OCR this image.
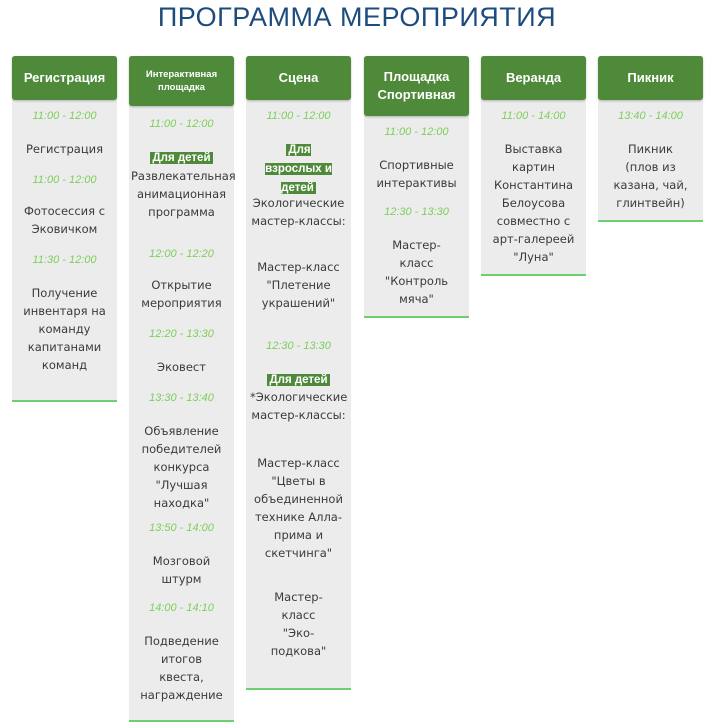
ПРОГРАММА МЕРОПРИЯТИЯ
Регистрация
11:00 - 12:00
Регистрация
11:00 - 12:00
Фотосессия с Эковичком
11:30 - 12:00
Получение инвентаря на команду капитанами команд
Интерактивная площадка
11:00 - 12:00
Для детей
Развлекательная анимационная программа
12:00 - 12:20
Открытие мероприятия
12:20 - 13:30
Эковест
13:30 - 13:40
Объявление победителей конкурса "Лучшая находка"
13:50 - 14:00
Мозговой штурм
14:00 - 14:10
Подведение итогов квеста, награждение
Сцена
11:00 - 12:00
Для взрослых и детей
Экологические мастер-классы:
Мастер-класс "Плетение украшений"
12:30 - 13:30
Для детей
*Экологические мастер-классы:
Мастер-класс "Цветы в объединенной технике Алла-прима и скетчинга"
Мастер-класс "Эко-подкова"
Площадка Спортивная
11:00 - 12:00
Спортивные интерактивы
12:30 - 13:30
Мастер-класс "Контроль мяча"
Веранда
11:00 - 14:00
Выставка картин Константина Белоусова совместно с арт-галереей "Луна"
Пикник
13:40 - 14:00
Пикник (плов из казана, чай, глинтвейн)
